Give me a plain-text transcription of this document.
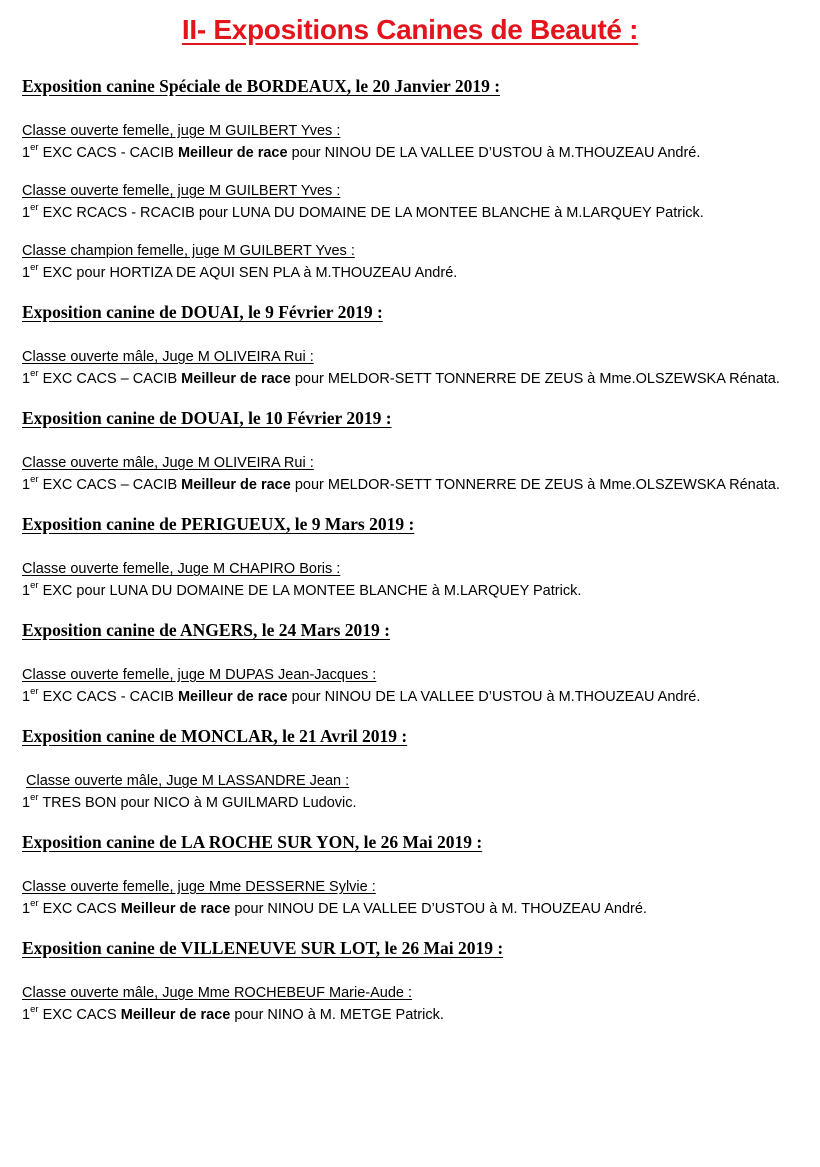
II- Expositions Canines de Beauté :
Exposition canine Spéciale de BORDEAUX, le 20 Janvier 2019 :

Classe ouverte femelle, juge M GUILBERT Yves :

1er EXC CACS - CACIB Meilleur de race pour NINOU DE LA VALLEE D’USTOU à M.THOUZEAU André.

Classe ouverte femelle, juge M GUILBERT Yves :

1er EXC RCACS - RCACIB pour LUNA DU DOMAINE DE LA MONTEE BLANCHE à M.LARQUEY Patrick.

Classe champion femelle, juge M GUILBERT Yves :

1er EXC pour HORTIZA DE AQUI SEN PLA à M.THOUZEAU André.

Exposition canine de DOUAI, le 9 Février 2019 :

Classe ouverte mâle, Juge M OLIVEIRA Rui :

1er EXC CACS – CACIB Meilleur de race pour MELDOR-SETT TONNERRE DE ZEUS à Mme.OLSZEWSKA Rénata.

Exposition canine de DOUAI, le 10 Février 2019 :

Classe ouverte mâle, Juge M OLIVEIRA Rui :

1er EXC CACS – CACIB Meilleur de race pour MELDOR-SETT TONNERRE DE ZEUS à Mme.OLSZEWSKA Rénata.

Exposition canine de PERIGUEUX, le 9 Mars 2019 :

Classe ouverte femelle, Juge M CHAPIRO Boris :

1er EXC pour LUNA DU DOMAINE DE LA MONTEE BLANCHE à M.LARQUEY Patrick.

Exposition canine de ANGERS, le 24 Mars 2019 :

Classe ouverte femelle, juge M DUPAS Jean-Jacques :

1er EXC CACS - CACIB Meilleur de race pour NINOU DE LA VALLEE D’USTOU à M.THOUZEAU André.

Exposition canine de MONCLAR, le 21 Avril 2019 :

Classe ouverte mâle, Juge M LASSANDRE Jean :

1er TRES BON pour NICO à M GUILMARD Ludovic.

Exposition canine de LA ROCHE SUR YON, le 26 Mai 2019 :

Classe ouverte femelle, juge Mme DESSERNE Sylvie :

1er EXC CACS Meilleur de race pour NINOU DE LA VALLEE D’USTOU à M. THOUZEAU André.

Exposition canine de VILLENEUVE SUR LOT, le 26 Mai 2019 :

Classe ouverte mâle, Juge Mme ROCHEBEUF Marie-Aude :

1er EXC CACS Meilleur de race pour NINO à M. METGE Patrick.
